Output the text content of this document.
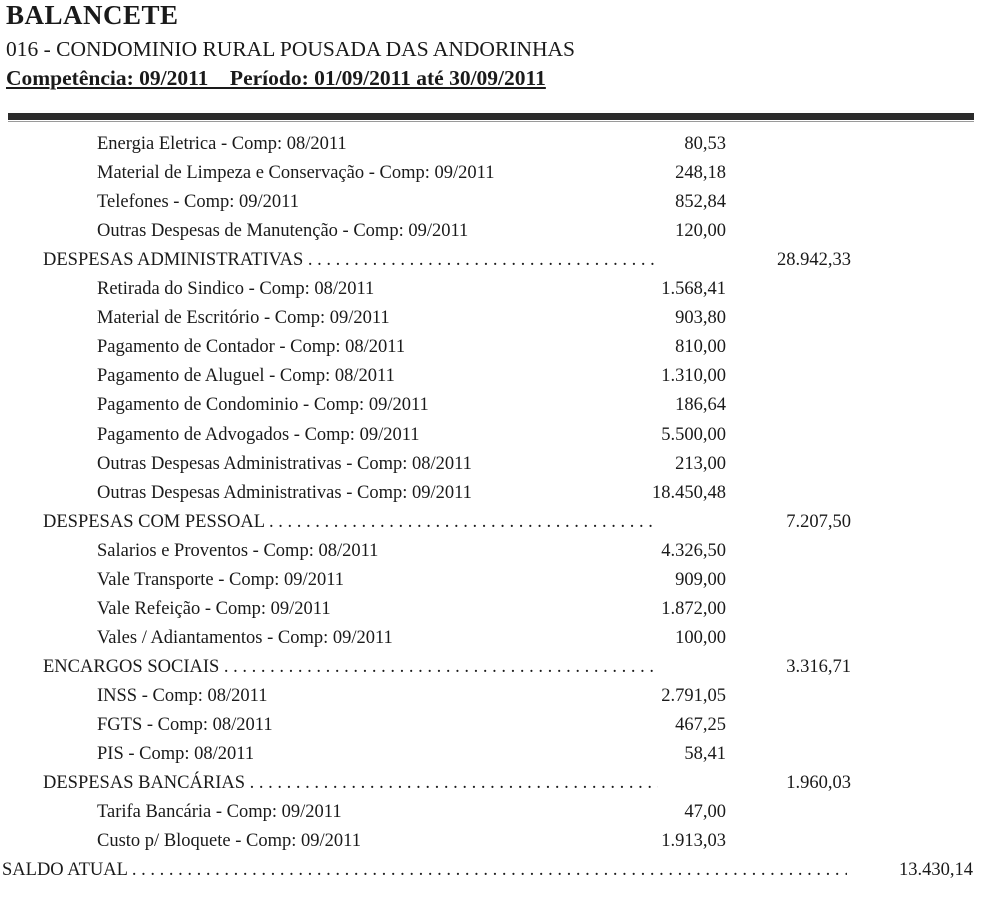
BALANCETE
016 - CONDOMINIO RURAL POUSADA DAS ANDORINHAS
Competência: 09/2011    Período: 01/09/2011 até 30/09/2011
Energia Eletrica - Comp: 08/2011	80,53
Material de Limpeza e Conservação - Comp: 09/2011	248,18
Telefones - Comp: 09/2011	852,84
Outras Despesas de Manutenção - Comp: 09/2011	120,00
DESPESAS ADMINISTRATIVAS . . .	28.942,33
Retirada do Sindico - Comp: 08/2011	1.568,41
Material de Escritório - Comp: 09/2011	903,80
Pagamento de Contador - Comp: 08/2011	810,00
Pagamento de Aluguel - Comp: 08/2011	1.310,00
Pagamento de Condominio - Comp: 09/2011	186,64
Pagamento de Advogados - Comp: 09/2011	5.500,00
Outras Despesas Administrativas - Comp: 08/2011	213,00
Outras Despesas Administrativas - Comp: 09/2011	18.450,48
DESPESAS COM PESSOAL . . .	7.207,50
Salarios e Proventos - Comp: 08/2011	4.326,50
Vale Transporte - Comp: 09/2011	909,00
Vale Refeição - Comp: 09/2011	1.872,00
Vales / Adiantamentos - Comp: 09/2011	100,00
ENCARGOS SOCIAIS . . .	3.316,71
INSS - Comp: 08/2011	2.791,05
FGTS - Comp: 08/2011	467,25
PIS - Comp: 08/2011	58,41
DESPESAS BANCÁRIAS . . .	1.960,03
Tarifa Bancária - Comp: 09/2011	47,00
Custo p/ Bloquete - Comp: 09/2011	1.913,03
SALDO ATUAL . . .	13.430,14
